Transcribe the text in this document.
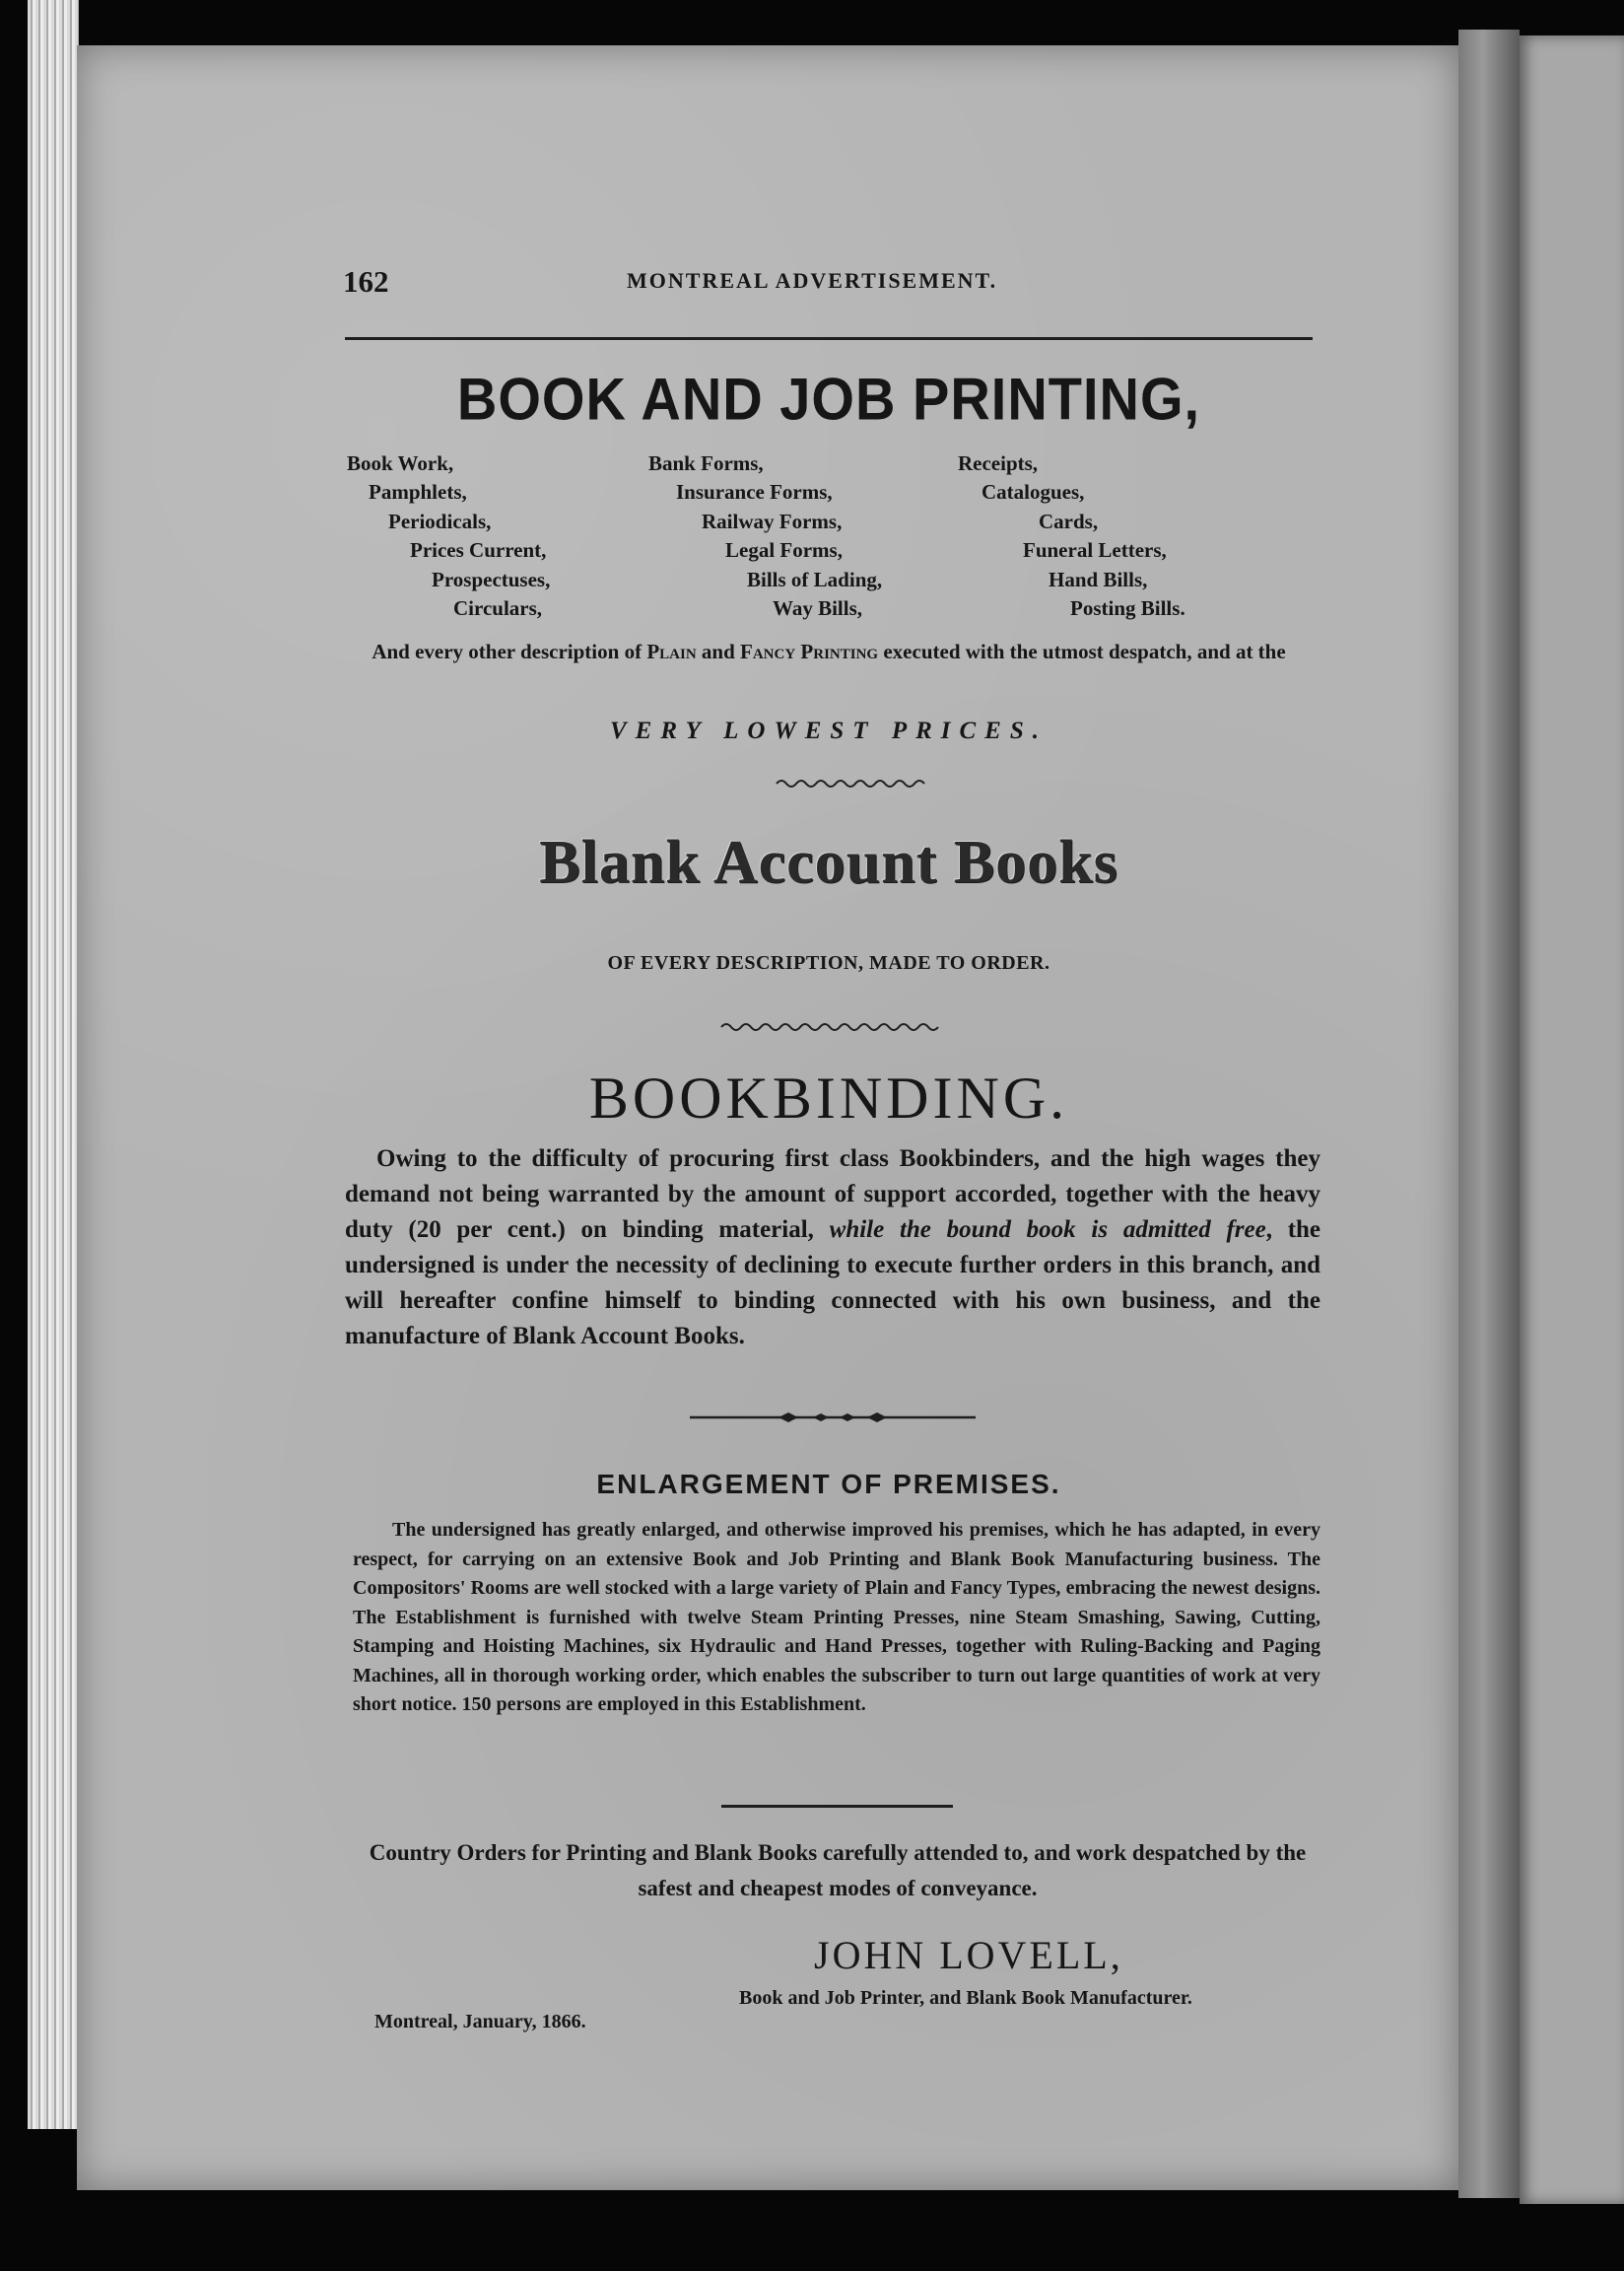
162	MONTREAL ADVERTISEMENT.
BOOK AND JOB PRINTING,
Book Work,
Pamphlets,
Periodicals,
Prices Current,
Prospectuses,
Circulars,
Bank Forms,
Insurance Forms,
Railway Forms,
Legal Forms,
Bills of Lading,
Way Bills,
Receipts,
Catalogues,
Cards,
Funeral Letters,
Hand Bills,
Posting Bills.
And every other description of Plain and Fancy Printing executed with the utmost despatch, and at the
VERY LOWEST PRICES.
Blank Account Books
OF EVERY DESCRIPTION, MADE TO ORDER.
BOOKBINDING.

Owing to the difficulty of procuring first class Bookbinders, and the high wages they demand not being warranted by the amount of support accorded, together with the heavy duty (20 per cent.) on binding material, while the bound book is admitted free, the undersigned is under the necessity of declining to execute further orders in this branch, and will hereafter confine himself to binding connected with his own business, and the manufacture of Blank Account Books.

ENLARGEMENT OF PREMISES.

The undersigned has greatly enlarged, and otherwise improved his premises, which he has adapted, in every respect, for carrying on an extensive Book and Job Printing and Blank Book Manufacturing business. The Compositors' Rooms are well stocked with a large variety of Plain and Fancy Types, embracing the newest designs. The Establishment is furnished with twelve Steam Printing Presses, nine Steam Smashing, Sawing, Cutting, Stamping and Hoisting Machines, six Hydraulic and Hand Presses, together with Ruling-Backing and Paging Machines, all in thorough working order, which enables the subscriber to turn out large quantities of work at very short notice. 150 persons are employed in this Establishment.

Country Orders for Printing and Blank Books carefully attended to, and work despatched by the safest and cheapest modes of conveyance.
JOHN LOVELL,
Book and Job Printer, and Blank Book Manufacturer.
Montreal, January, 1866.
